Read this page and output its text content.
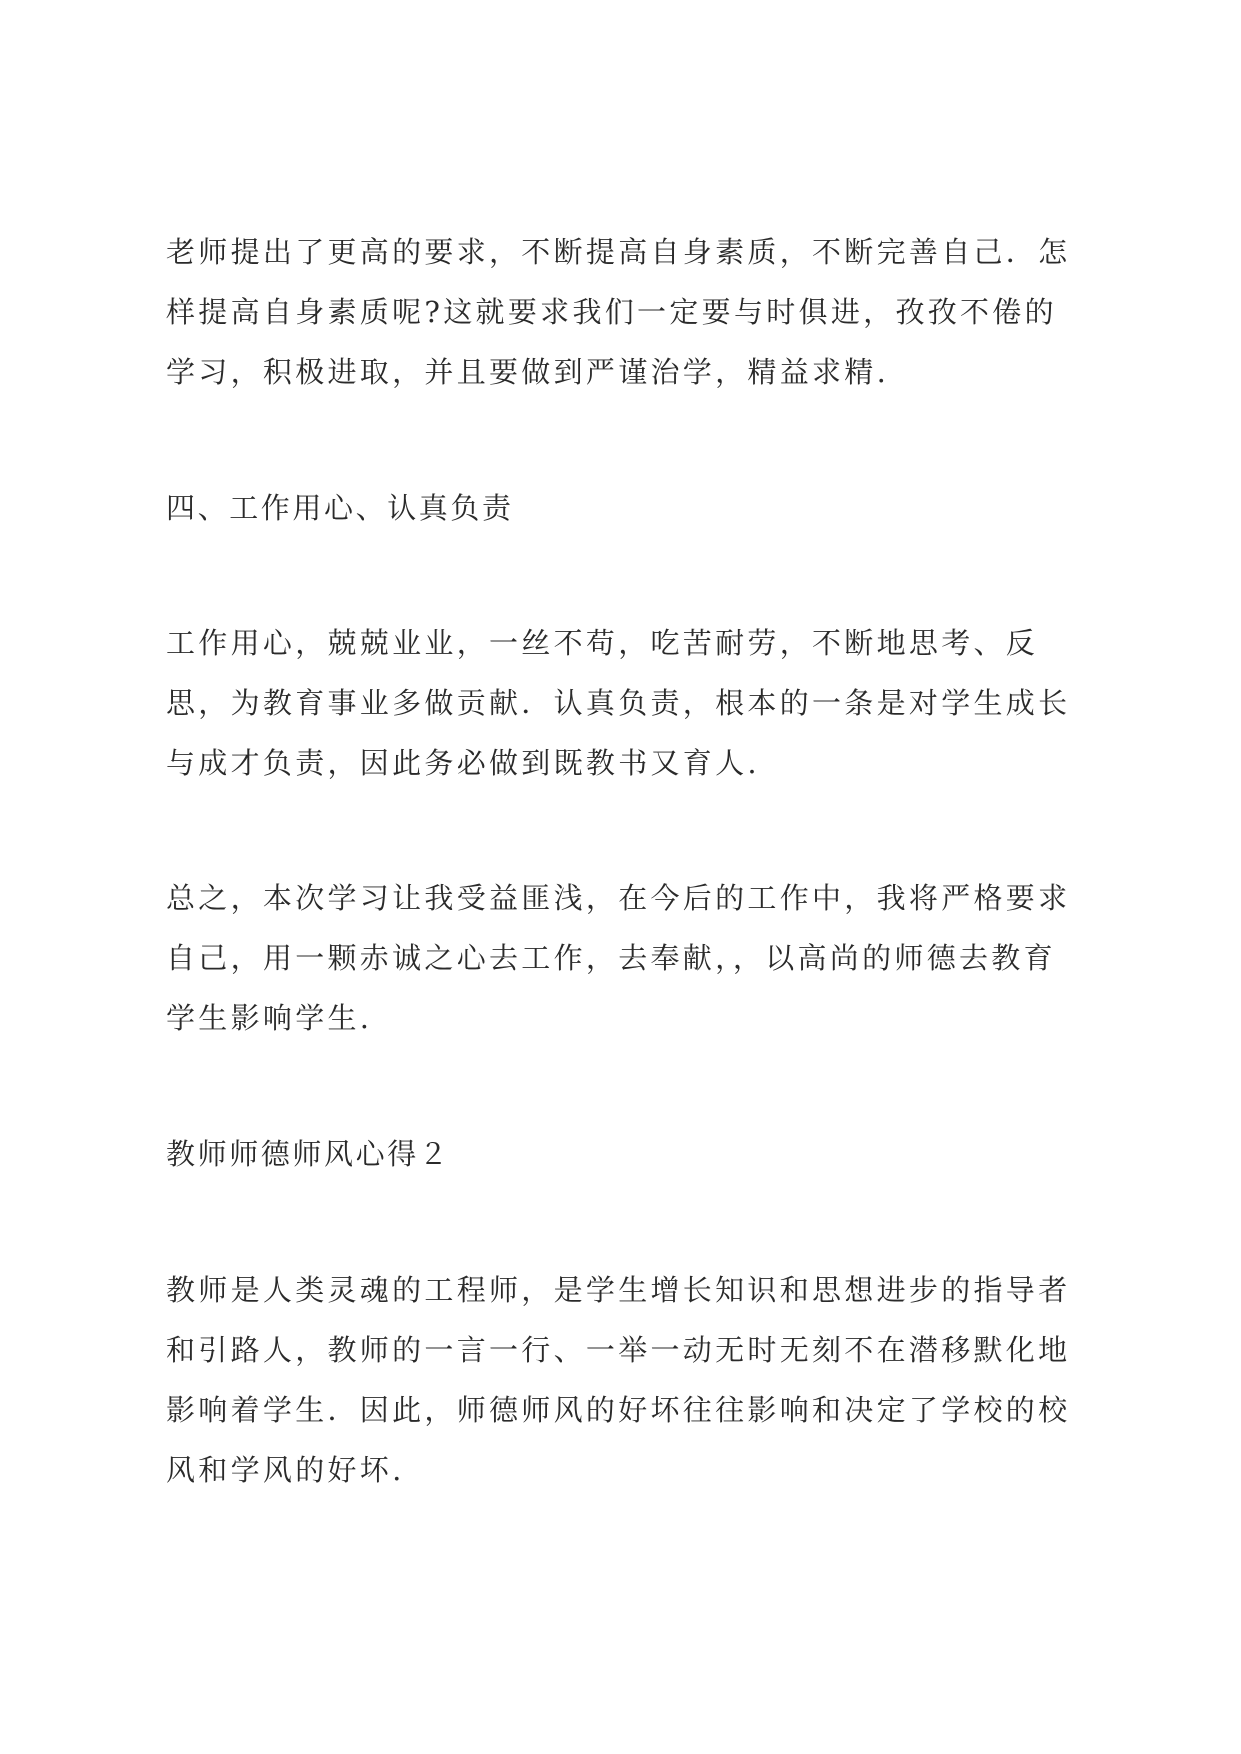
老师提出了更高的要求，不断提高自身素质，不断完善自己．怎

样提高自身素质呢?这就要求我们一定要与时俱进，孜孜不倦的

学习，积极进取，并且要做到严谨治学，精益求精.

四、工作用心、认真负责

工作用心，兢兢业业，一丝不苟，吃苦耐劳，不断地思考、反

思，为教育事业多做贡献．认真负责，根本的一条是对学生成长

与成才负责，因此务必做到既教书又育人.

总之，本次学习让我受益匪浅，在今后的工作中，我将严格要求

自己，用一颗赤诚之心去工作，去奉献，，以高尚的师德去教育

学生影响学生.

教师师德师风心得２

教师是人类灵魂的工程师，是学生增长知识和思想进步的指导者

和引路人，教师的一言一行、一举一动无时无刻不在潜移默化地

影响着学生．因此，师德师风的好坏往往影响和决定了学校的校

风和学风的好坏.
